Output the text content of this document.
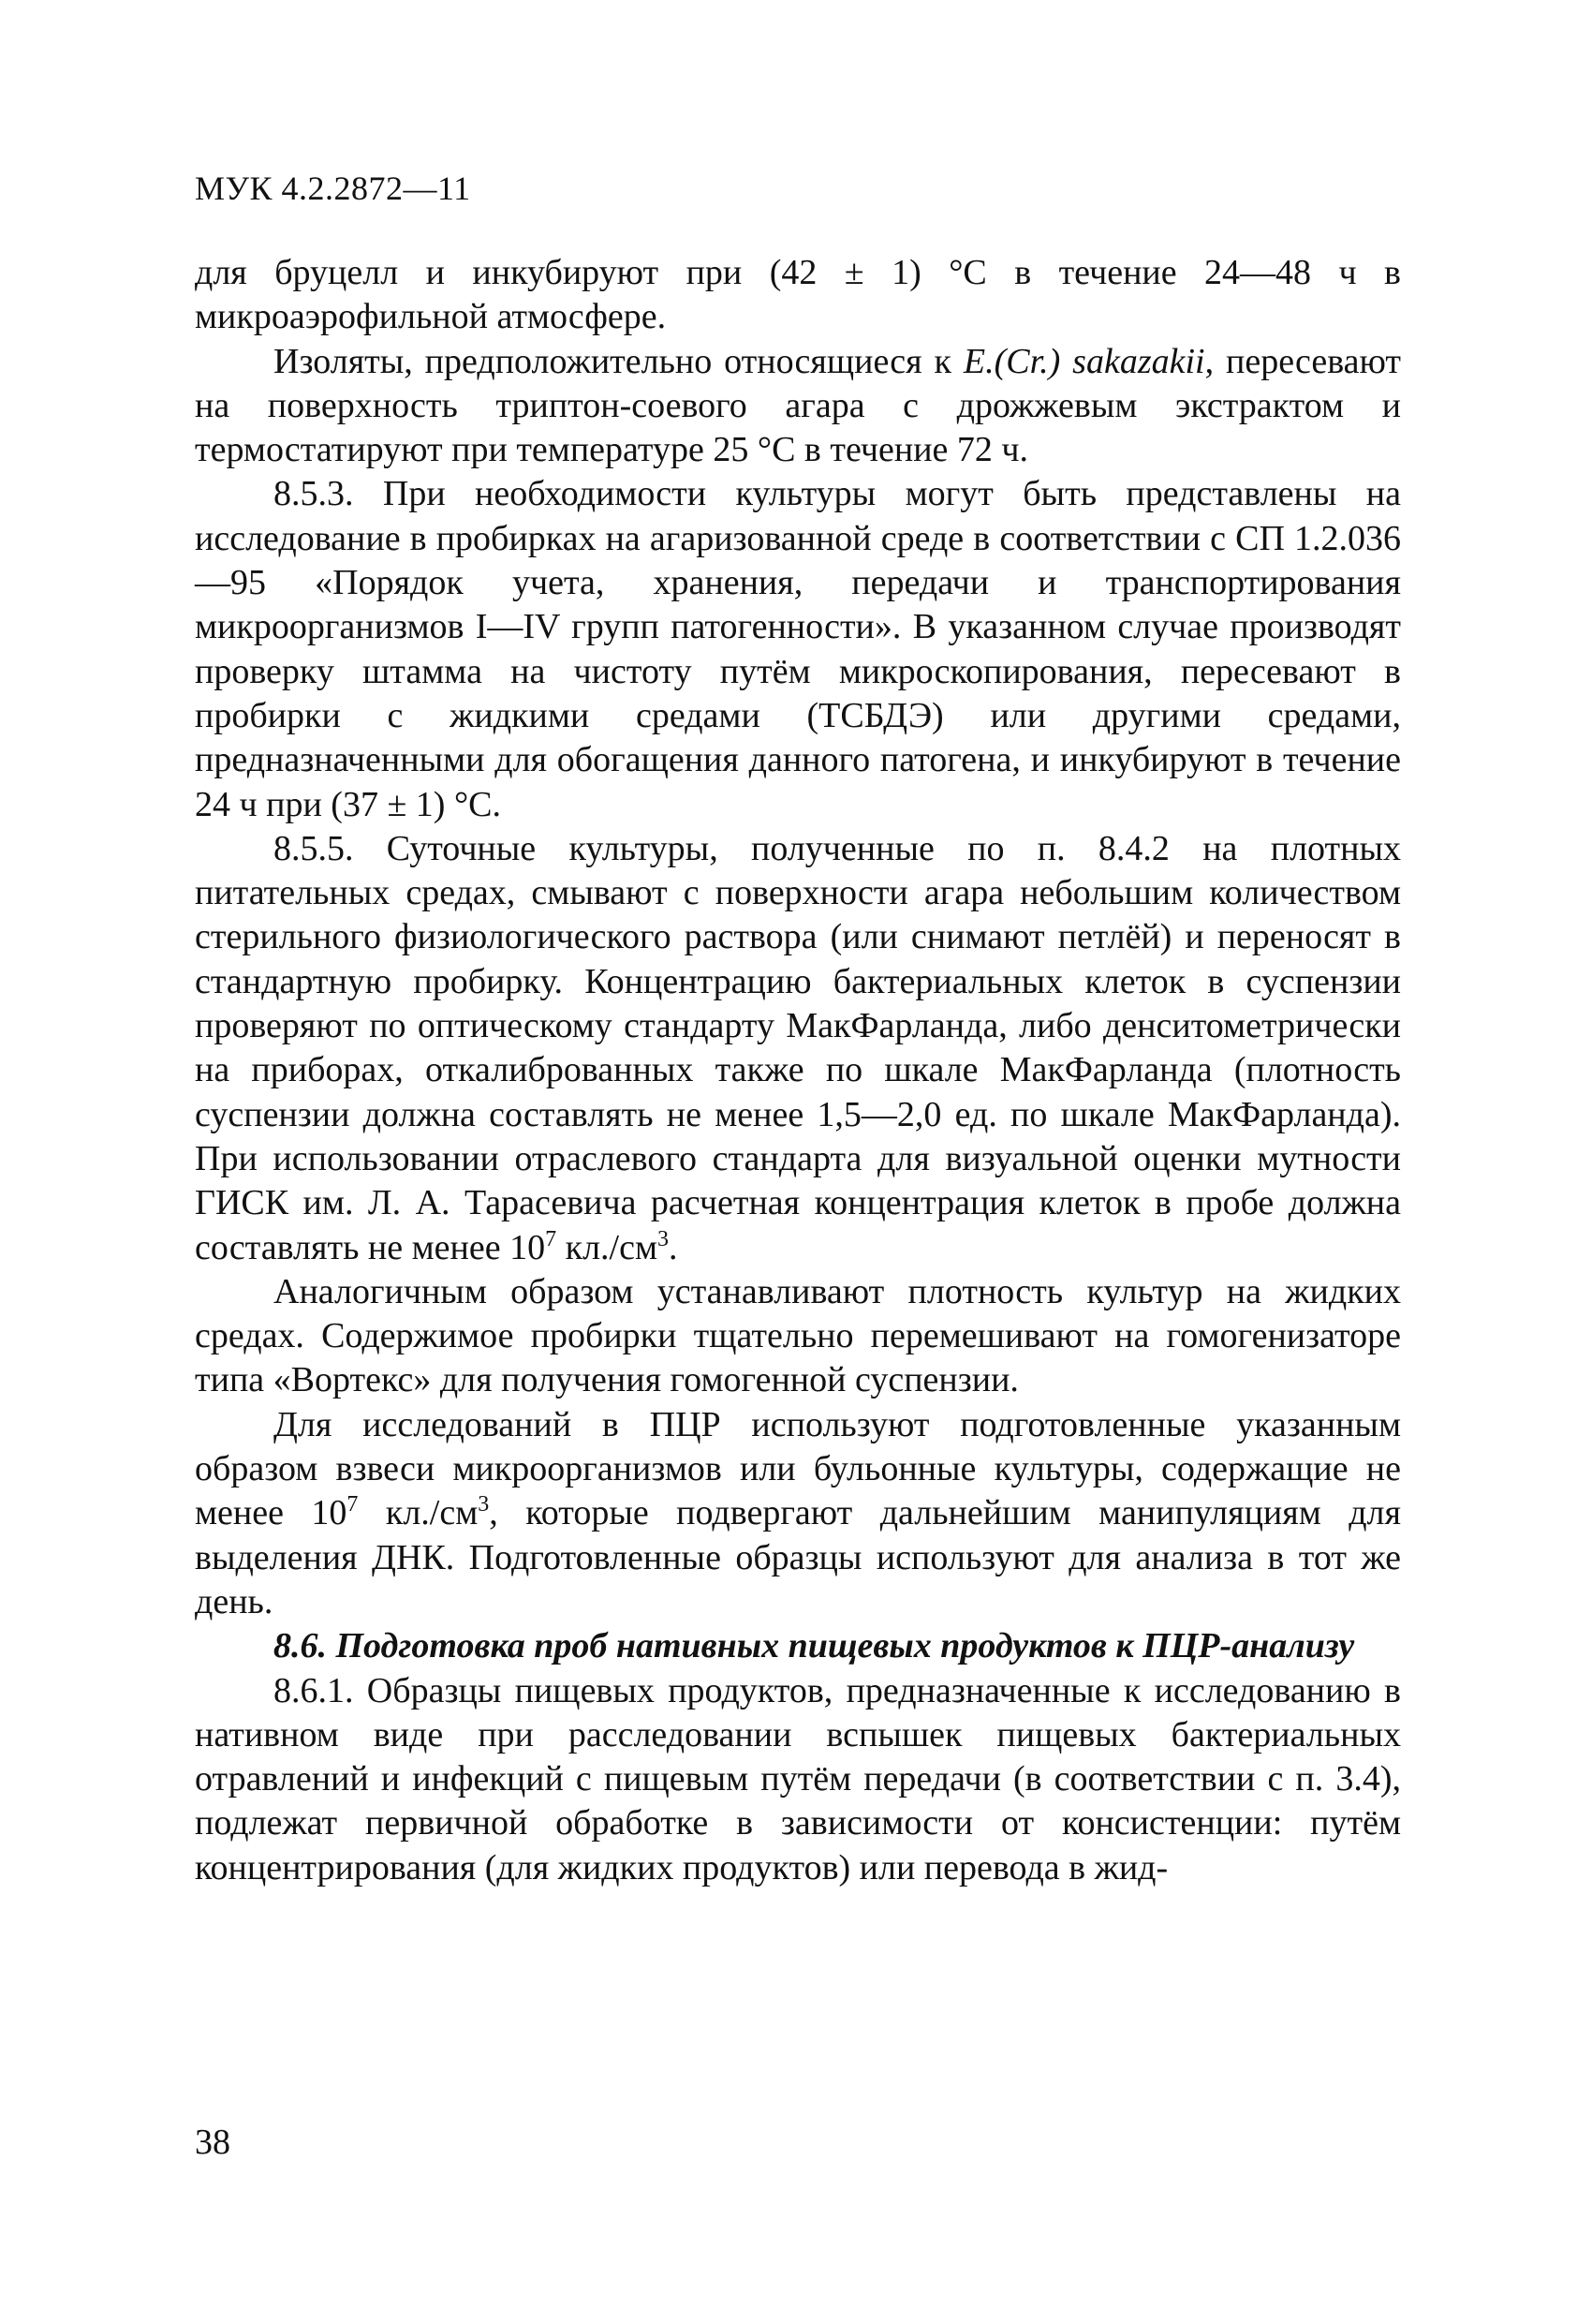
МУК 4.2.2872—11

для бруцелл и инкубируют при (42 ± 1) °С в течение 24—48 ч в микроаэрофильной атмосфере.

Изоляты, предположительно относящиеся к E.(Cr.) sakazakii, пересевают на поверхность триптон-соевого агара с дрожжевым экстрактом и термостатируют при температуре 25 °С в течение 72 ч.

8.5.3. При необходимости культуры могут быть представлены на исследование в пробирках на агаризованной среде в соответствии с СП 1.2.036—95 «Порядок учета, хранения, передачи и транспортирования микроорганизмов I—IV групп патогенности». В указанном случае производят проверку штамма на чистоту путём микроскопирования, пересевают в пробирки с жидкими средами (ТСБДЭ) или другими средами, предназначенными для обогащения данного патогена, и инкубируют в течение 24 ч при (37 ± 1) °С.

8.5.5. Суточные культуры, полученные по п. 8.4.2 на плотных питательных средах, смывают с поверхности агара небольшим количеством стерильного физиологического раствора (или снимают петлёй) и переносят в стандартную пробирку. Концентрацию бактериальных клеток в суспензии проверяют по оптическому стандарту МакФарланда, либо денситометрически на приборах, откалиброванных также по шкале МакФарланда (плотность суспензии должна составлять не менее 1,5—2,0 ед. по шкале МакФарланда). При использовании отраслевого стандарта для визуальной оценки мутности ГИСК им. Л. А. Тарасевича расчетная концентрация клеток в пробе должна составлять не менее $10^7$ $кл./см^3$.

Аналогичным образом устанавливают плотность культур на жидких средах. Содержимое пробирки тщательно перемешивают на гомогенизаторе типа «Вортекс» для получения гомогенной суспензии.

Для исследований в ПЦР используют подготовленные указанным образом взвеси микроорганизмов или бульонные культуры, содержащие не менее $10^7$ $кл./см^3$, которые подвергают дальнейшим манипуляциям для выделения ДНК. Подготовленные образцы используют для анализа в тот же день.

8.6. Подготовка проб нативных пищевых продуктов к ПЦР-анализу

8.6.1. Образцы пищевых продуктов, предназначенные к исследованию в нативном виде при расследовании вспышек пищевых бактериальных отравлений и инфекций с пищевым путём передачи (в соответствии с п. 3.4), подлежат первичной обработке в зависимости от консистенции: путём концентрирования (для жидких продуктов) или перевода в жид-

38
